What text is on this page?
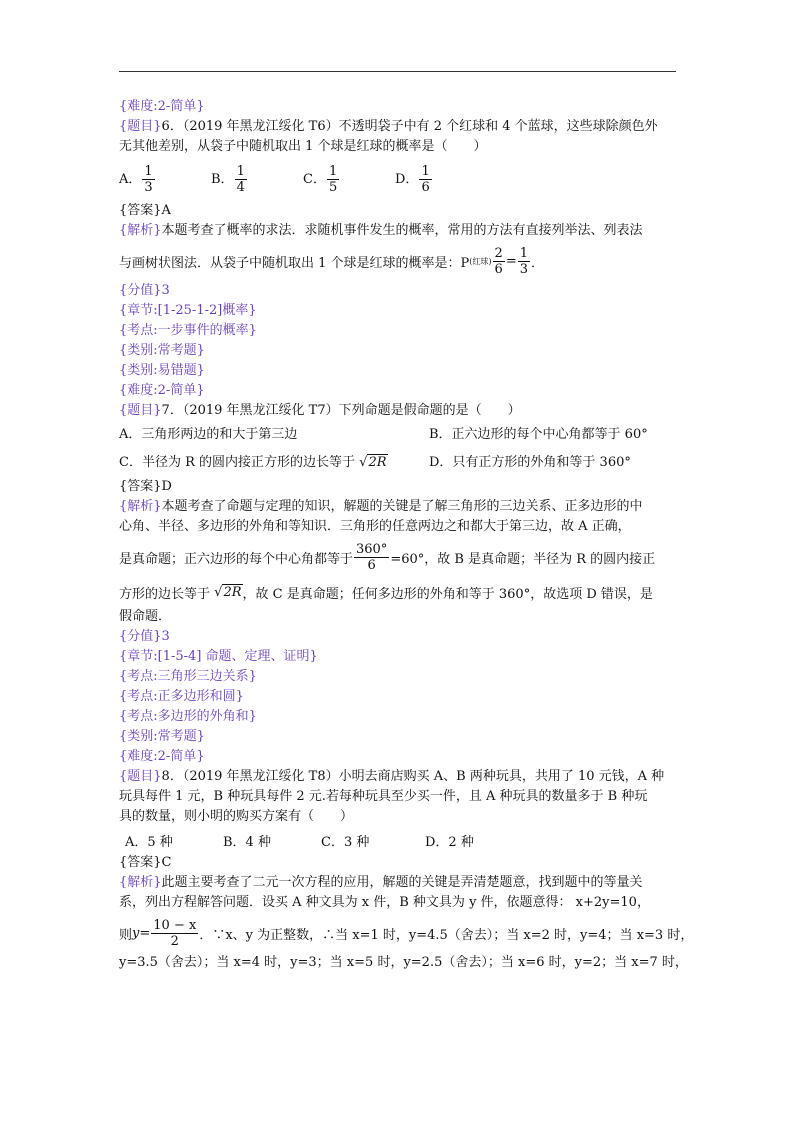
{难度:2-简单}
{题目}6．（2019 年黑龙江绥化 T6）不透明袋子中有 2 个红球和 4 个蓝球，这些球除颜色外
无其他差别，从袋子中随机取出 1 个球是红球的概率是（　　）
A． $\frac{1}{3}$	B． $\frac{1}{4}$	C． $\frac{1}{5}$	D． $\frac{1}{6}$
{答案}A
{解析}本题考查了概率的求法．求随机事件发生的概率，常用的方法有直接列举法、列表法
与画树状图法．从袋子中随机取出 1 个球是红球的概率是：P (红球) $\frac{2}{6} = \frac{1}{3}$ ．
{分值}3
{章节:[1-25-1-2]概率}
{考点:一步事件的概率}
{类别:常考题}
{类别:易错题}
{难度:2-简单}
{题目}7．（2019 年黑龙江绥化 T7）下列命题是假命题的是（　　）
A．三角形两边的和大于第三边	B．正六边形的每个中心角都等于 60°
C．半径为 R 的圆内接正方形的边长等于 √2R	D．只有正方形的外角和等于 360°
{答案}D
{解析}本题考查了命题与定理的知识，解题的关键是了解三角形的三边关系、正多边形的中
心角、半径、多边形的外角和等知识．三角形的任意两边之和都大于第三边，故 A 正确，
是真命题；正六边形的每个中心角都等于 $\frac{360^\circ}{6} =60^\circ$，故 B 是真命题；半径为 R 的圆内接正
方形的边长等于 √2R ，故 C 是真命题；任何多边形的外角和等于 360°，故选项 D 错误，是
假命题．
{分值}3
{章节:[1-5-4] 命题、定理、证明}
{考点:三角形三边关系}
{考点:正多边形和圆}
{考点:多边形的外角和}
{类别:常考题}
{难度:2-简单}
{题目}8．（2019 年黑龙江绥化 T8）小明去商店购买 A、B 两种玩具，共用了 10 元钱，A 种
玩具每件 1 元，B 种玩具每件 2 元.若每种玩具至少买一件，且 A 种玩具的数量多于 B 种玩
具的数量，则小明的购买方案有（　　）
A．5 种	B．4 种	C．3 种	D．2 种
{答案}C
{解析}此题主要考查了二元一次方程的应用，解题的关键是弄清楚题意，找到题中的等量关
系，列出方程解答问题．设买 A 种文具为 x 件，B 种文具为 y 件，依题意得： x+2y=10，
则 $y = \frac{10 - x}{2}$ ．∵x、y 为正整数，∴当 x=1 时，y=4.5（舍去）；当 x=2 时，y=4；当 x=3 时，
y=3.5（舍去）；当 x=4 时，y=3；当 x=5 时，y=2.5（舍去）；当 x=6 时，y=2；当 x=7 时，
